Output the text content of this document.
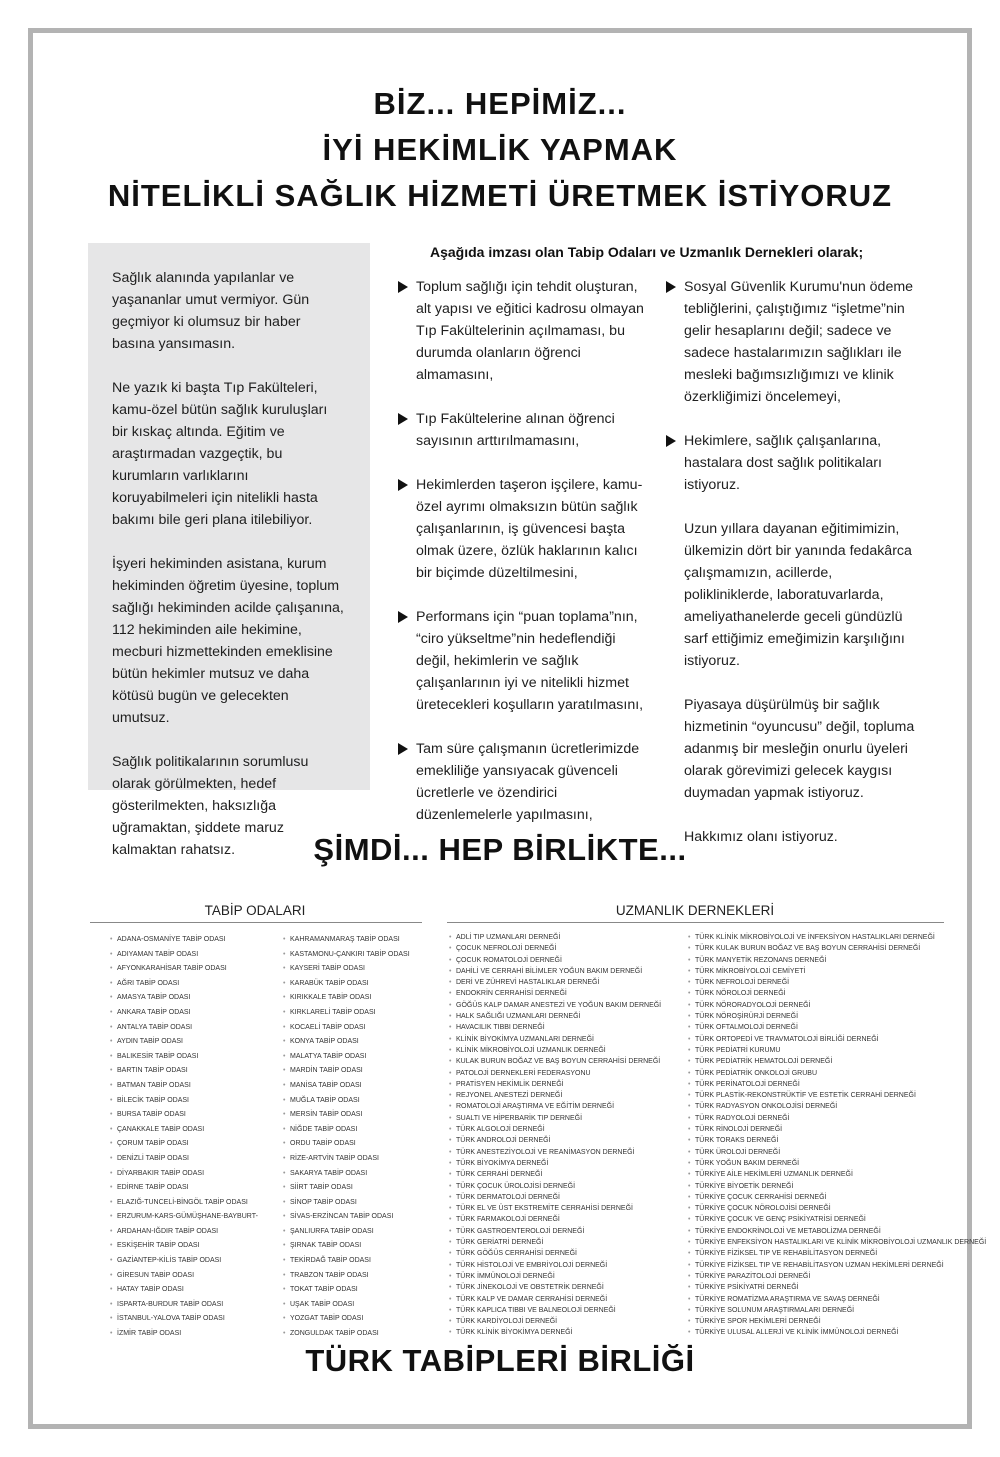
BİZ... HEPİMİZ...
İYİ HEKİMLİK YAPMAK
NİTELİKLİ SAĞLIK HİZMETİ ÜRETMEK İSTİYORUZ

Sağlık alanında yapılanlar ve yaşananlar umut vermiyor. Gün geçmiyor ki olumsuz bir haber basına yansımasın.

Ne yazık ki başta Tıp Fakülteleri, kamu-özel bütün sağlık kuruluşları bir kıskaç altında. Eğitim ve araştırmadan vazgeçtik, bu kurumların varlıklarını koruyabilmeleri için nitelikli hasta bakımı bile geri plana itilebiliyor.

İşyeri hekiminden asistana, kurum hekiminden öğretim üyesine, toplum sağlığı hekiminden acilde çalışanına, 112 hekiminden aile hekimine, mecburi hizmettekinden emeklisine bütün hekimler mutsuz ve daha kötüsü bugün ve gelecekten umutsuz.

Sağlık politikalarının sorumlusu olarak görülmekten, hedef gösterilmekten, haksızlığa uğramaktan, şiddete maruz kalmaktan rahatsız.

Aşağıda imzası olan Tabip Odaları ve Uzmanlık Dernekleri olarak;
Toplum sağlığı için tehdit oluşturan, alt yapısı ve eğitici kadrosu olmayan Tıp Fakültelerinin açılmaması, bu durumda olanların öğrenci almamasını,
Tıp Fakültelerine alınan öğrenci sayısının arttırılmamasını,
Hekimlerden taşeron işçilere, kamu-özel ayrımı olmaksızın bütün sağlık çalışanlarının, iş güvencesi başta olmak üzere, özlük haklarının kalıcı bir biçimde düzeltilmesini,
Performans için “puan toplama”nın, “ciro yükseltme”nin hedeflendiği değil, hekimlerin ve sağlık çalışanlarının iyi ve nitelikli hizmet üretecekleri koşulların yaratılmasını,
Tam süre çalışmanın ücretlerimizde emekliliğe yansıyacak güvenceli ücretlerle ve özendirici düzenlemelerle yapılmasını,
Sosyal Güvenlik Kurumu'nun ödeme tebliğlerini, çalıştığımız “işletme”nin gelir hesaplarını değil; sadece ve sadece hastalarımızın sağlıkları ile mesleki bağımsızlığımızı ve klinik özerkliğimizi öncelemeyi,
Hekimlere, sağlık çalışanlarına, hastalara dost sağlık politikaları istiyoruz.
Uzun yıllara dayanan eğitimimizin, ülkemizin dört bir yanında fedakârca çalışmamızın, acillerde, polikliniklerde, laboratuvarlarda, ameliyathanelerde geceli gündüzlü sarf ettiğimiz emeğimizin karşılığını istiyoruz.
Piyasaya düşürülmüş bir sağlık hizmetinin “oyuncusu” değil, topluma adanmış bir mesleğin onurlu üyeleri olarak görevimizi gelecek kaygısı duymadan yapmak istiyoruz.
Hakkımız olanı istiyoruz.
ŞİMDİ... HEP BİRLİKTE...
TABİP ODALARI	UZMANLIK DERNEKLERİ
• ADANA-OSMANİYE TABİP ODASI
• ADIYAMAN TABİP ODASI
• AFYONKARAHİSAR TABİP ODASI
• AĞRI TABİP ODASI
• AMASYA TABİP ODASI
• ANKARA TABİP ODASI
• ANTALYA TABİP ODASI
• AYDIN TABİP ODASI
• BALIKESİR TABİP ODASI
• BARTIN TABİP ODASI
• BATMAN TABİP ODASI
• BİLECİK TABİP ODASI
• BURSA TABİP ODASI
• ÇANAKKALE TABİP ODASI
• ÇORUM TABİP ODASI
• DENİZLİ TABİP ODASI
• DİYARBAKIR TABİP ODASI
• EDİRNE TABİP ODASI
• ELAZIĞ-TUNCELİ-BİNGÖL TABİP ODASI
• ERZURUM-KARS-GÜMÜŞHANE-BAYBURT-
• ARDAHAN-IĞDIR TABİP ODASI
• ESKİŞEHİR TABİP ODASI
• GAZİANTEP-KİLİS TABİP ODASI
• GİRESUN TABİP ODASI
• HATAY TABİP ODASI
• ISPARTA-BURDUR TABİP ODASI
• İSTANBUL-YALOVA TABİP ODASI
• İZMİR TABİP ODASI
• KAHRAMANMARAŞ TABİP ODASI
• KASTAMONU-ÇANKIRI TABİP ODASI
• KAYSERİ TABİP ODASI
• KARABÜK TABİP ODASI
• KIRIKKALE TABİP ODASI
• KIRKLARELİ TABİP ODASI
• KOCAELİ TABİP ODASI
• KONYA TABİP ODASI
• MALATYA TABİP ODASI
• MARDİN TABİP ODASI
• MANİSA TABİP ODASI
• MUĞLA TABİP ODASI
• MERSİN TABİP ODASI
• NİĞDE TABİP ODASI
• ORDU TABİP ODASI
• RİZE-ARTVİN TABİP ODASI
• SAKARYA TABİP ODASI
• SİİRT TABİP ODASI
• SİNOP TABİP ODASI
• SİVAS-ERZİNCAN TABİP ODASI
• ŞANLIURFA TABİP ODASI
• ŞIRNAK TABİP ODASI
• TEKİRDAĞ TABİP ODASI
• TRABZON TABİP ODASI
• TOKAT TABİP ODASI
• UŞAK TABİP ODASI
• YOZGAT TABİP ODASI
• ZONGULDAK TABİP ODASI
• ADLİ TIP UZMANLARI DERNEĞİ
• ÇOCUK NEFROLOJİ DERNEĞİ
• ÇOCUK ROMATOLOJİ DERNEĞİ
• DAHİLİ VE CERRAHİ BİLİMLER YOĞUN BAKIM DERNEĞİ
• DERİ VE ZÜHREVİ HASTALIKLAR DERNEĞİ
• ENDOKRİN CERRAHİSİ DERNEĞİ
• GÖĞÜS KALP DAMAR ANESTEZİ VE YOĞUN BAKIM DERNEĞİ
• HALK SAĞLIĞI UZMANLARI DERNEĞİ
• HAVACILIK TIBBI DERNEĞİ
• KLİNİK BİYOKİMYA UZMANLARI DERNEĞİ
• KLİNİK MİKROBİYOLOJİ UZMANLIK DERNEĞİ
• KULAK BURUN BOĞAZ VE BAŞ BOYUN CERRAHİSİ DERNEĞİ
• PATOLOJİ DERNEKLERİ FEDERASYONU
• PRATİSYEN HEKİMLİK DERNEĞİ
• REJYONEL ANESTEZİ DERNEĞİ
• ROMATOLOJİ ARAŞTIRMA VE EĞİTİM DERNEĞİ
• SUALTI VE HİPERBARİK TIP DERNEĞİ
• TÜRK ALGOLOJİ DERNEĞİ
• TÜRK ANDROLOJİ DERNEĞİ
• TÜRK ANESTEZİYOLOJİ VE REANİMASYON DERNEĞİ
• TÜRK BİYOKİMYA DERNEĞİ
• TÜRK CERRAHİ DERNEĞİ
• TÜRK ÇOCUK ÜROLOJİSİ DERNEĞİ
• TÜRK DERMATOLOJİ DERNEĞİ
• TÜRK EL VE ÜST EKSTREMİTE CERRAHİSİ DERNEĞİ
• TÜRK FARMAKOLOJİ DERNEĞİ
• TÜRK GASTROENTEROLOJİ DERNEĞİ
• TÜRK GERİATRİ DERNEĞİ
• TÜRK GÖĞÜS CERRAHİSİ DERNEĞİ
• TÜRK HİSTOLOJİ VE EMBRİYOLOJİ DERNEĞİ
• TÜRK İMMÜNOLOJİ DERNEĞİ
• TÜRK JİNEKOLOJİ VE OBSTETRİK DERNEĞİ
• TÜRK KALP VE DAMAR CERRAHİSİ DERNEĞİ
• TÜRK KAPLICA TIBBI VE BALNEOLOJİ DERNEĞİ
• TÜRK KARDİYOLOJİ DERNEĞİ
• TÜRK KLİNİK BİYOKİMYA DERNEĞİ
• TÜRK KLİNİK MİKROBİYOLOJİ VE İNFEKSİYON HASTALIKLARI DERNEĞİ
• TÜRK KULAK BURUN BOĞAZ VE BAŞ BOYUN CERRAHİSİ DERNEĞİ
• TÜRK MANYETİK REZONANS DERNEĞİ
• TÜRK MİKROBİYOLOJİ CEMİYETİ
• TÜRK NEFROLOJİ DERNEĞİ
• TÜRK NÖROLOJİ DERNEĞİ
• TÜRK NÖRORADYOLOJİ DERNEĞİ
• TÜRK NÖROŞİRÜRJİ DERNEĞİ
• TÜRK OFTALMOLOJİ DERNEĞİ
• TÜRK ORTOPEDİ VE TRAVMATOLOJİ BİRLİĞİ DERNEĞİ
• TÜRK PEDİATRİ KURUMU
• TÜRK PEDİATRİK HEMATOLOJİ DERNEĞİ
• TÜRK PEDİATRİK ONKOLOJİ GRUBU
• TÜRK PERİNATOLOJİ DERNEĞİ
• TÜRK PLASTİK-REKONSTRÜKTİF VE ESTETİK CERRAHİ DERNEĞİ
• TÜRK RADYASYON ONKOLOJİSİ DERNEĞİ
• TÜRK RADYOLOJİ DERNEĞİ
• TÜRK RİNOLOJİ DERNEĞİ
• TÜRK TORAKS DERNEĞİ
• TÜRK ÜROLOJİ DERNEĞİ
• TÜRK YOĞUN BAKIM DERNEĞİ
• TÜRKİYE AİLE HEKİMLERİ UZMANLIK DERNEĞİ
• TÜRKİYE BİYOETİK DERNEĞİ
• TÜRKİYE ÇOCUK CERRAHİSİ DERNEĞİ
• TÜRKİYE ÇOCUK NÖROLOJİSİ DERNEĞİ
• TÜRKİYE ÇOCUK VE GENÇ PSİKİYATRİSİ DERNEĞİ
• TÜRKİYE ENDOKRİNOLOJİ VE METABOLİZMA DERNEĞİ
• TÜRKİYE ENFEKSİYON HASTALIKLARI VE KLİNİK MİKROBİYOLOJİ UZMANLIK DERNEĞİ
• TÜRKİYE FİZİKSEL TIP VE REHABİLİTASYON DERNEĞİ
• TÜRKİYE FİZİKSEL TIP VE REHABİLİTASYON UZMAN HEKİMLERİ DERNEĞİ
• TÜRKİYE PARAZİTOLOJİ DERNEĞİ
• TÜRKİYE PSİKİYATRİ DERNEĞİ
• TÜRKİYE ROMATİZMA ARAŞTIRMA VE SAVAŞ DERNEĞİ
• TÜRKİYE SOLUNUM ARAŞTIRMALARI DERNEĞİ
• TÜRKİYE SPOR HEKİMLERİ DERNEĞİ
• TÜRKİYE ULUSAL ALLERJİ VE KLİNİK İMMÜNOLOJİ DERNEĞİ
TÜRK TABİPLERİ BİRLİĞİ
